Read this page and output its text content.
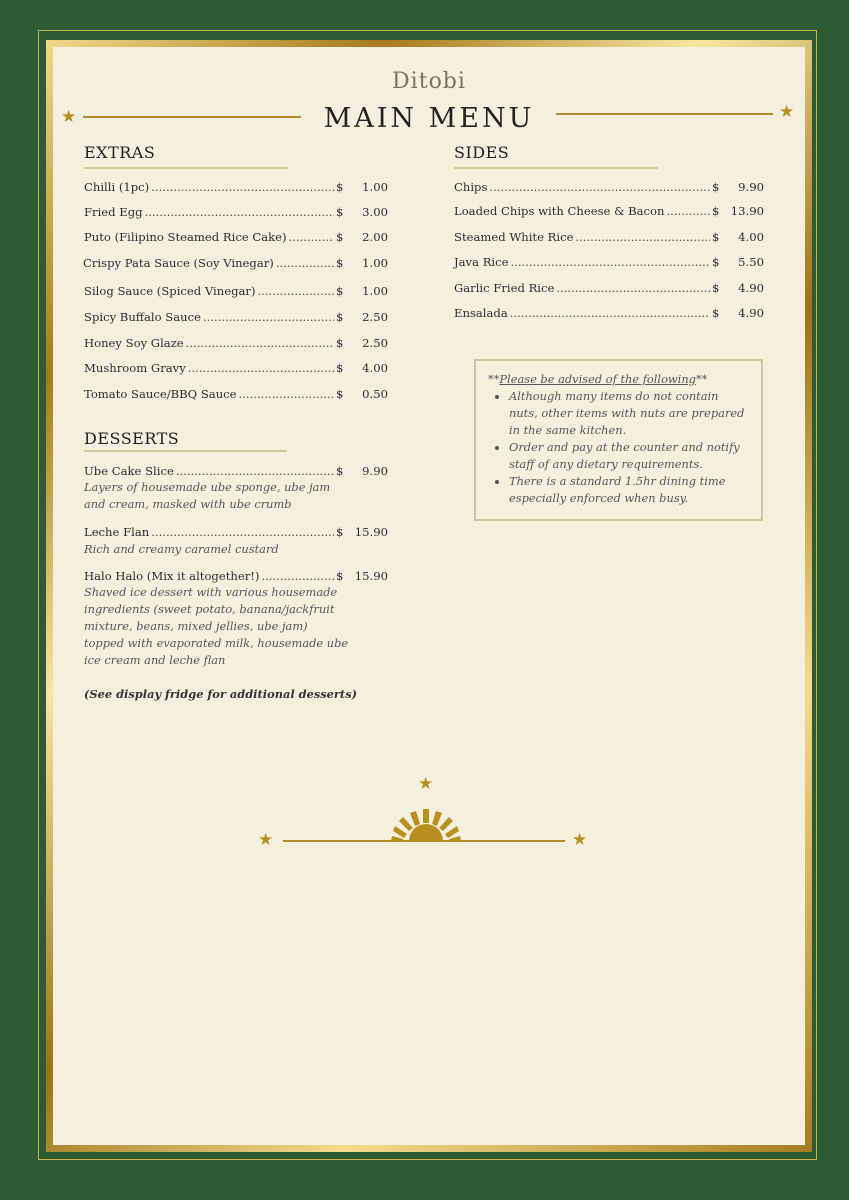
Ditobi
MAIN MENU
★	★
EXTRAS
Chilli (1pc) .....	$	1.00
Fried Egg .....	$	3.00
Puto (Filipino Steamed Rice Cake) .....	$	2.00
Crispy Pata Sauce (Soy Vinegar) .....	$	1.00
Silog Sauce (Spiced Vinegar) .....	$	1.00
Spicy Buffalo Sauce .....	$	2.50
Honey Soy Glaze .....	$	2.50
Mushroom Gravy .....	$	4.00
Tomato Sauce/BBQ Sauce .....	$	0.50
DESSERTS
Ube Cake Slice .....	$	9.90
Layers of housemade ube sponge, ube jam
and cream, masked with ube crumb
Leche Flan .....	$ 15.90
Rich and creamy caramel custard
Halo Halo (Mix it altogether!) .....	$ 15.90
Shaved ice dessert with various housemade
ingredients (sweet potato, banana/jackfruit
mixture, beans, mixed jellies, ube jam)
topped with evaporated milk, housemade ube
ice cream and leche flan
(See display fridge for additional desserts)
SIDES
Chips .....	$	9.90
Loaded Chips with Cheese & Bacon .....	$ 13.90
Steamed White Rice .....	$	4.00
Java Rice .....	$	5.50
Garlic Fried Rice .....	$	4.90
Ensalada .....	$	4.90
**Please be advised of the following**
• Although many items do not contain nuts, other items with nuts are prepared in the same kitchen.
• Order and pay at the counter and notify staff of any dietary requirements.
• There is a standard 1.5hr dining time especially enforced when busy.
★
★	★
